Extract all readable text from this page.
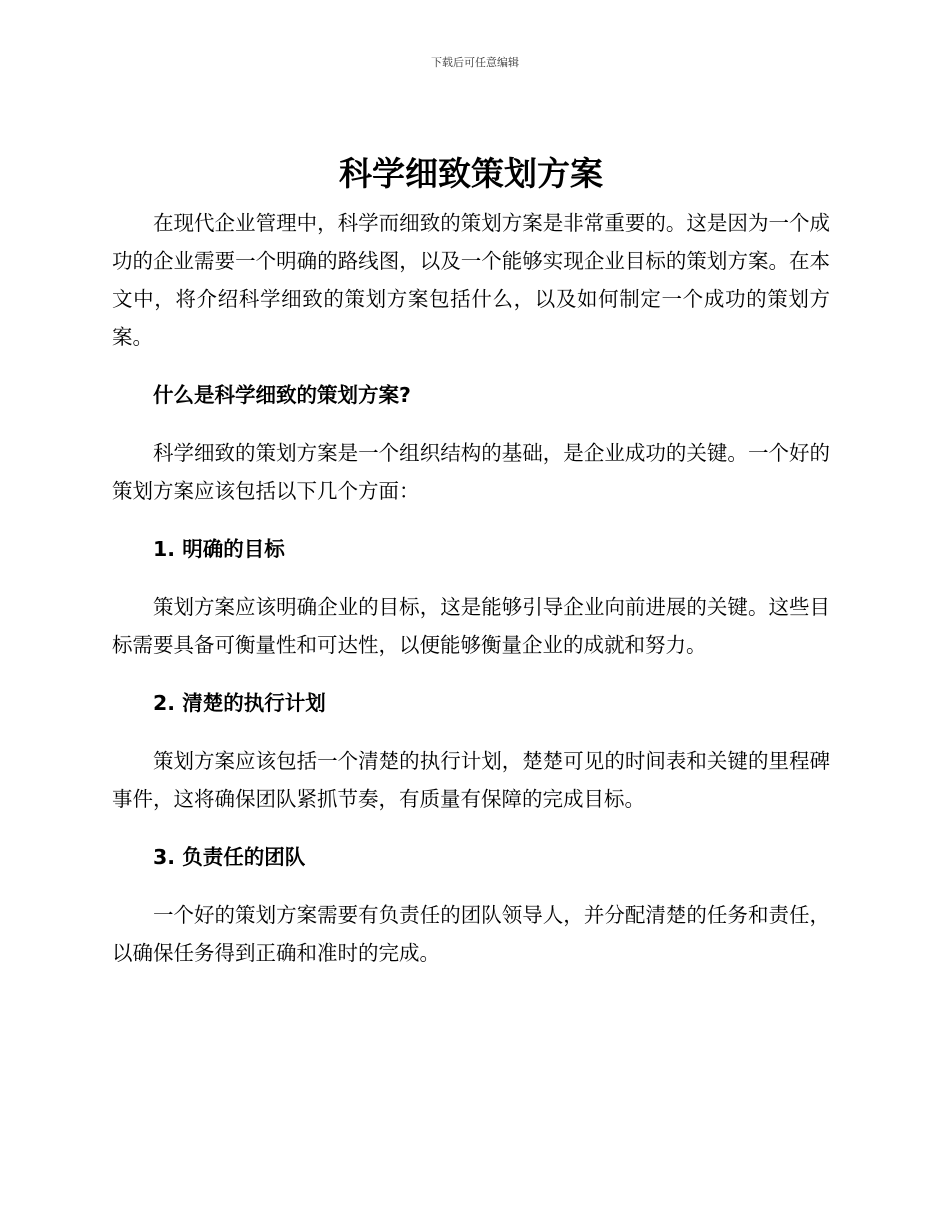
下载后可任意编辑
科学细致策划方案

在现代企业管理中，科学而细致的策划方案是非常重要的。这是因为一个成功的企业需要一个明确的路线图，以及一个能够实现企业目标的策划方案。在本文中，将介绍科学细致的策划方案包括什么，以及如何制定一个成功的策划方案。

什么是科学细致的策划方案?

科学细致的策划方案是一个组织结构的基础，是企业成功的关键。一个好的策划方案应该包括以下几个方面：

1. 明确的目标

策划方案应该明确企业的目标，这是能够引导企业向前进展的关键。这些目标需要具备可衡量性和可达性，以便能够衡量企业的成就和努力。

2. 清楚的执行计划

策划方案应该包括一个清楚的执行计划，楚楚可见的时间表和关键的里程碑事件，这将确保团队紧抓节奏，有质量有保障的完成目标。

3. 负责任的团队

一个好的策划方案需要有负责任的团队领导人，并分配清楚的任务和责任，以确保任务得到正确和准时的完成。
